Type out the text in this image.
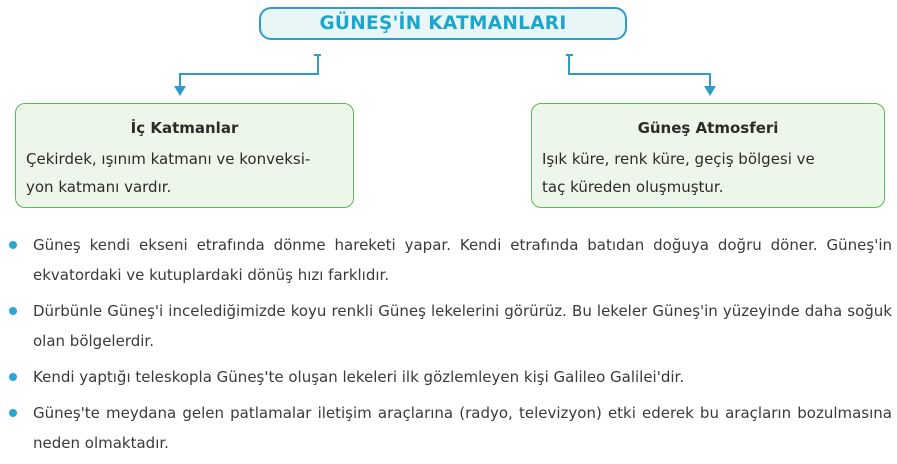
GÜNEŞ'İN KATMANLARI
İç Katmanlar
Çekirdek, ışınım katmanı ve konveksi-
yon katmanı vardır.
Güneş Atmosferi
Işık küre, renk küre, geçiş bölgesi ve
taç küreden oluşmuştur.
Güneş kendi ekseni etrafında dönme hareketi yapar. Kendi etrafında batıdan doğuya doğru döner. Güneş'in ekvatordaki ve kutuplardaki dönüş hızı farklıdır.
Dürbünle Güneş'i incelediğimizde koyu renkli Güneş lekelerini görürüz. Bu lekeler Güneş'in yüzeyinde daha soğuk olan bölgelerdir.
Kendi yaptığı teleskopla Güneş'te oluşan lekeleri ilk gözlemleyen kişi Galileo Galilei'dir.
Güneş'te meydana gelen patlamalar iletişim araçlarına (radyo, televizyon) etki ederek bu araçların bozulmasına neden olmaktadır.
